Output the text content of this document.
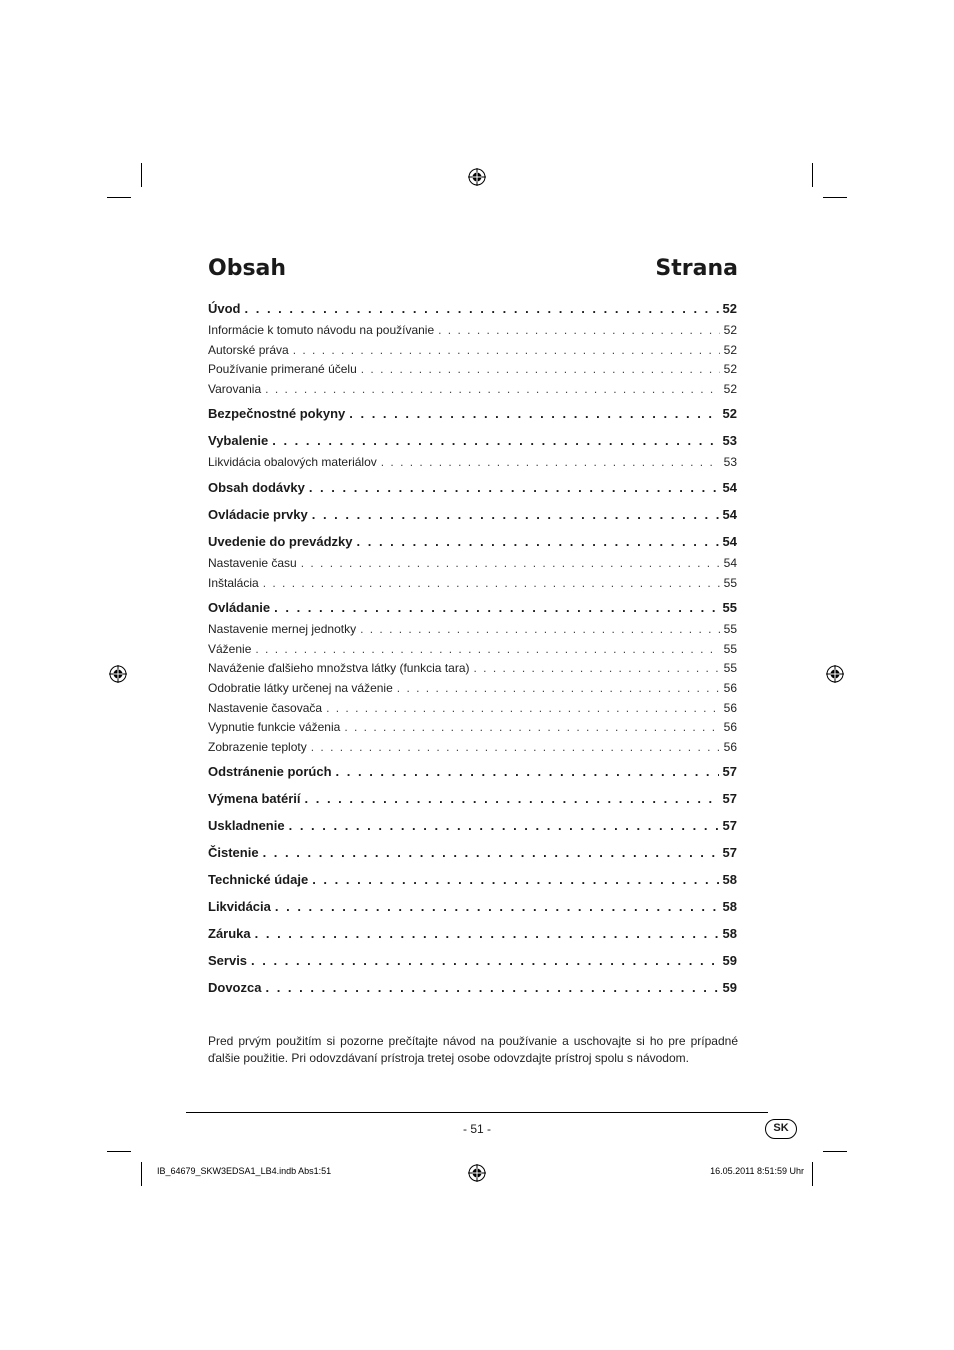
Obsah	Strana
Úvod . . .	52
Informácie k tomuto návodu na používanie . . .	52
Autorské práva . . .	52
Používanie primerané účelu . . .	52
Varovania . . .	52
Bezpečnostné pokyny . . .	52
Vybalenie . . .	53
Likvidácia obalových materiálov . . .	53
Obsah dodávky . . .	54
Ovládacie prvky . . .	54
Uvedenie do prevádzky . . .	54
Nastavenie času . . .	54
Inštalácia . . .	55
Ovládanie . . .	55
Nastavenie mernej jednotky . . .	55
Váženie . . .	55
Naváženie ďalšieho množstva látky (funkcia tara) . . .	55
Odobratie látky určenej na váženie . . .	56
Nastavenie časovača . . .	56
Vypnutie funkcie váženia . . .	56
Zobrazenie teploty . . .	56
Odstránenie porúch . . .	57
Výmena batérií . . .	57
Uskladnenie . . .	57
Čistenie . . .	57
Technické údaje . . .	58
Likvidácia . . .	58
Záruka . . .	58
Servis . . .	59
Dovozca . . .	59
Pred prvým použitím si pozorne prečítajte návod na používanie a uschovajte si ho pre prípadné ďalšie použitie. Pri odovzdávaní prístroja tretej osobe odovzdajte prístroj spolu s návodom.
- 51 -	SK
IB_64679_SKW3EDSA1_LB4.indb Abs1:51	16.05.2011 8:51:59 Uhr
